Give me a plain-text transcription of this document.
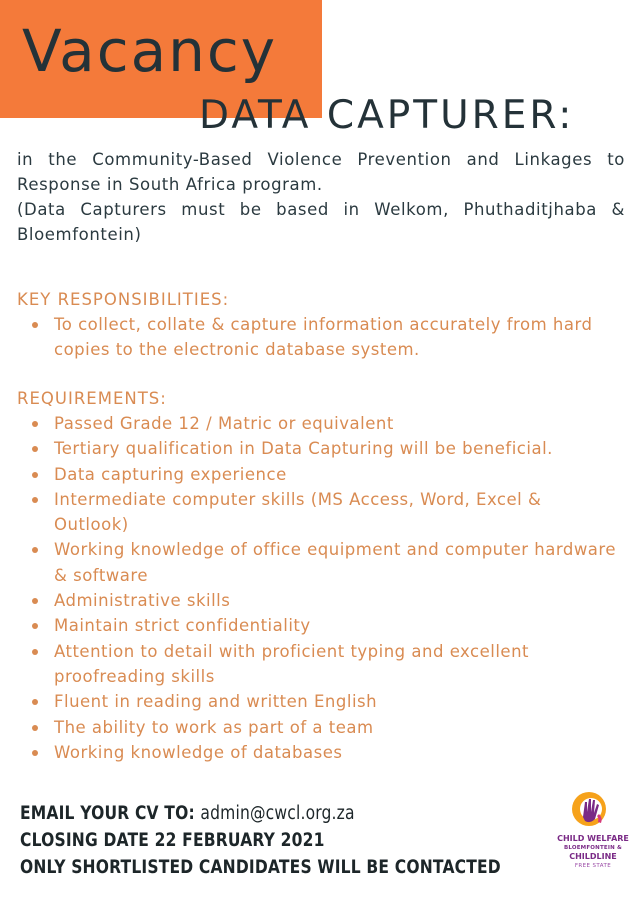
Vacancy
DATA CAPTURER:

in the Community-Based Violence Prevention and Linkages to Response in South Africa program.

(Data Capturers must be based in Welkom, Phuthaditjhaba & Bloemfontein)

KEY RESPONSIBILITIES:
To collect, collate & capture information accurately from hard copies to the electronic database system.
REQUIREMENTS:
Passed Grade 12 / Matric or equivalent
Tertiary qualification in Data Capturing will be beneficial.
Data capturing experience
Intermediate computer skills (MS Access, Word, Excel & Outlook)
Working knowledge of office equipment and computer hardware & software
Administrative skills
Maintain strict confidentiality
Attention to detail with proficient typing and excellent proofreading skills
Fluent in reading and written English
The ability to work as part of a team
Working knowledge of databases
EMAIL YOUR CV TO: admin@cwcl.org.za
CLOSING DATE 22 FEBRUARY 2021
ONLY SHORTLISTED CANDIDATES WILL BE CONTACTED
CHILD WELFARE
BLOEMFONTEIN &
CHILDLINE
FREE STATE
